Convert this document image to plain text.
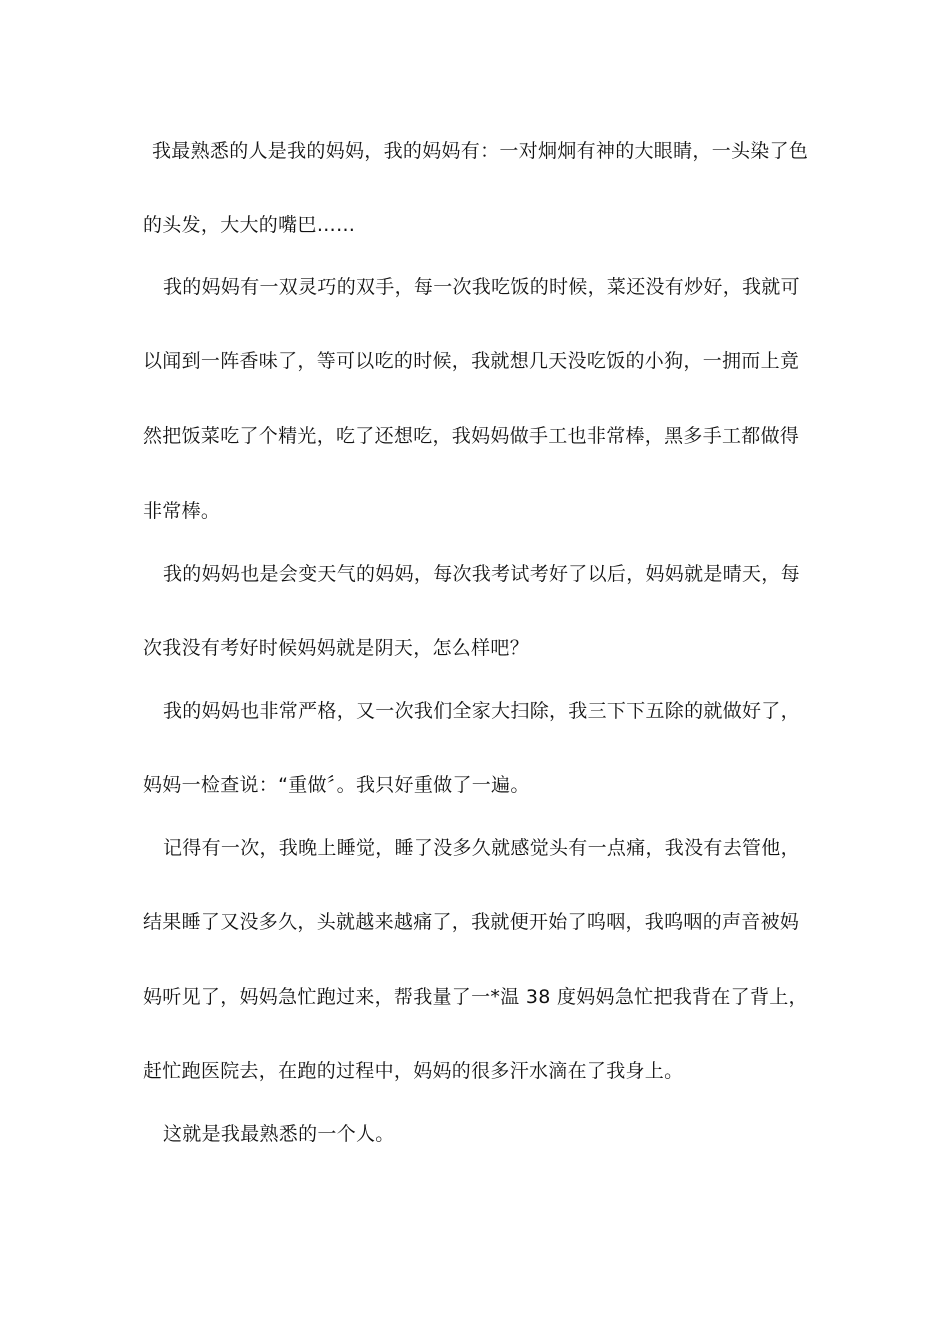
我最熟悉的人是我的妈妈，我的妈妈有：一对炯炯有神的大眼睛，一头染了色
的头发，大大的嘴巴……
我的妈妈有一双灵巧的双手，每一次我吃饭的时候，菜还没有炒好，我就可
以闻到一阵香味了，等可以吃的时候，我就想几天没吃饭的小狗，一拥而上竟
然把饭菜吃了个精光，吃了还想吃，我妈妈做手工也非常棒，黑多手工都做得
非常棒。
我的妈妈也是会变天气的妈妈，每次我考试考好了以后，妈妈就是晴天，每
次我没有考好时候妈妈就是阴天，怎么样吧？
我的妈妈也非常严格，又一次我们全家大扫除，我三下下五除的就做好了，
妈妈一检查说：“重做〞。我只好重做了一遍。
记得有一次，我晚上睡觉，睡了没多久就感觉头有一点痛，我没有去管他，
结果睡了又没多久，头就越来越痛了，我就便开始了呜咽，我呜咽的声音被妈
妈听见了，妈妈急忙跑过来，帮我量了一*温 38 度妈妈急忙把我背在了背上，
赶忙跑医院去，在跑的过程中，妈妈的很多汗水滴在了我身上。
这就是我最熟悉的一个人。
